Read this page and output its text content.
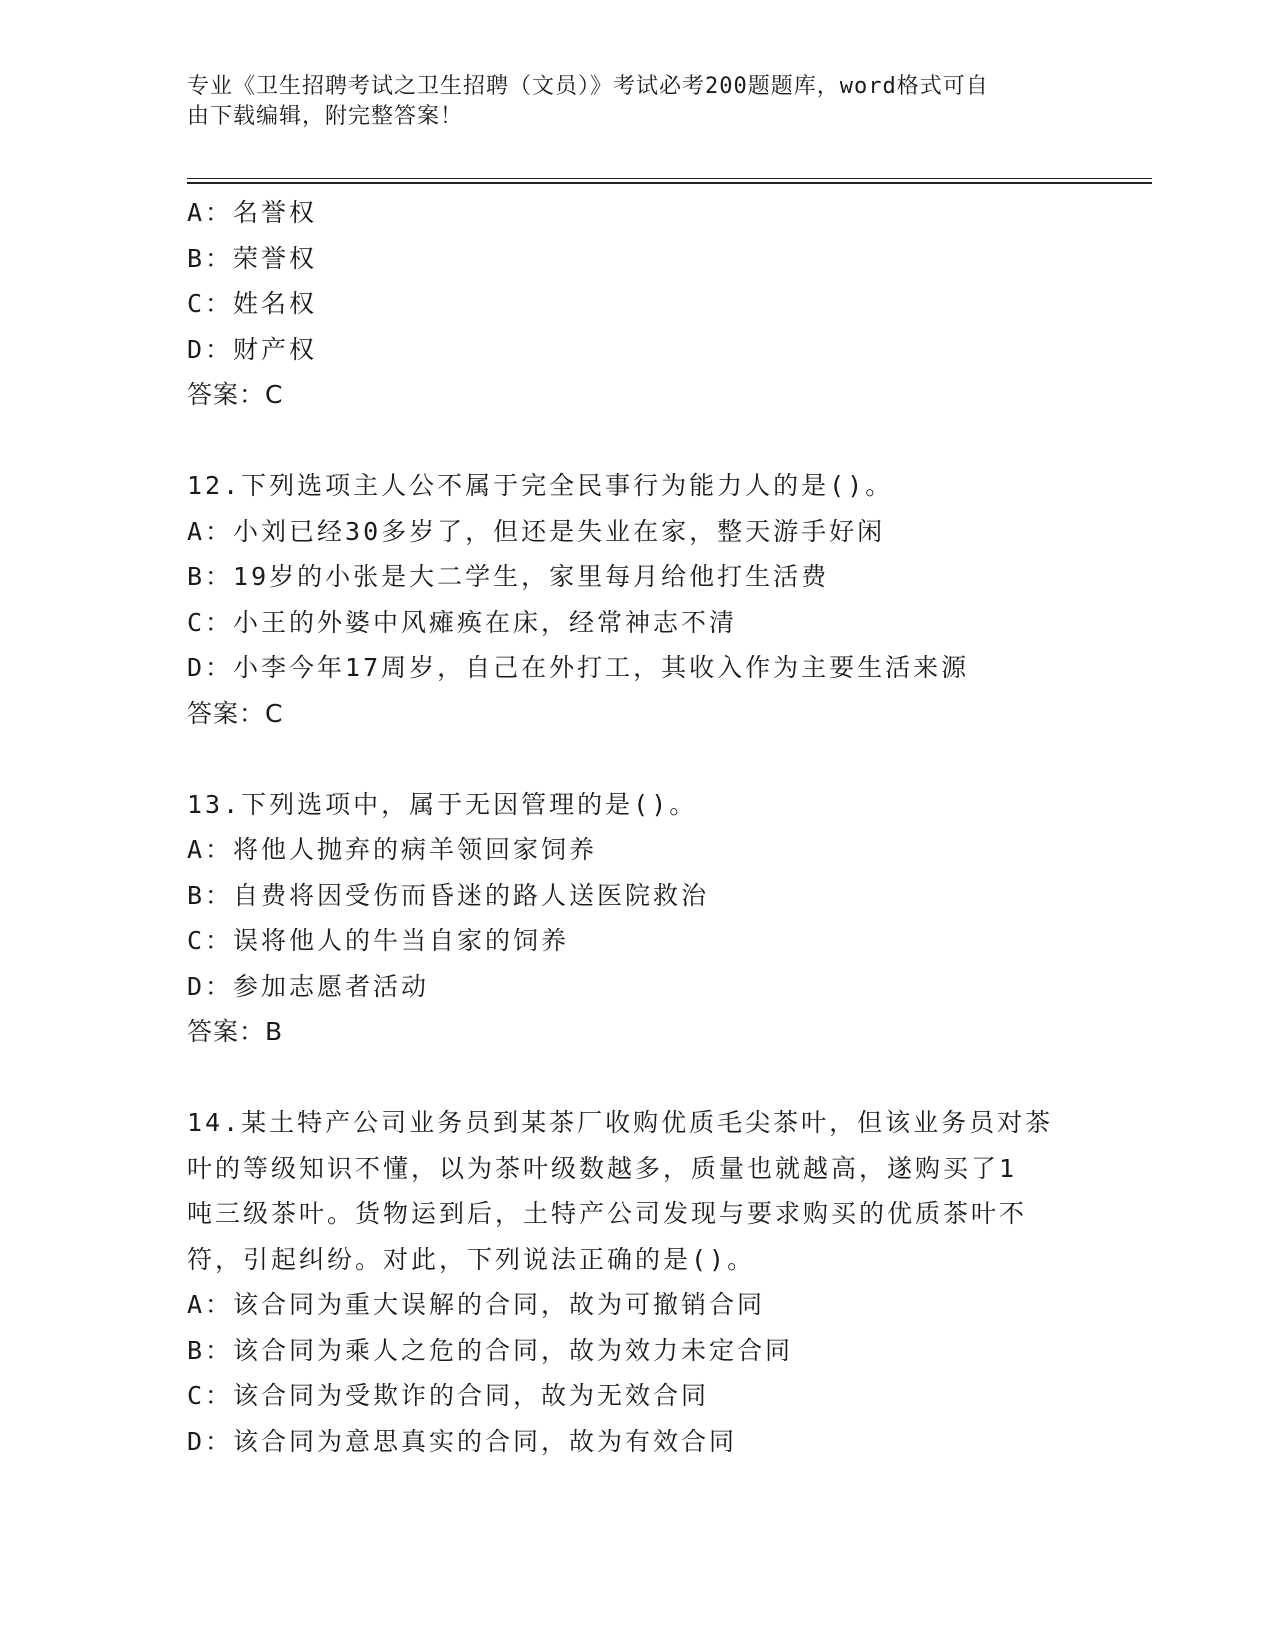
专业《卫生招聘考试之卫生招聘（文员）》考试必考200题题库，word格式可自
由下载编辑，附完整答案！
A：名誉权
B：荣誉权
C：姓名权
D：财产权
答案：C
12.下列选项主人公不属于完全民事行为能力人的是()。
A：小刘已经30多岁了，但还是失业在家，整天游手好闲
B：19岁的小张是大二学生，家里每月给他打生活费
C：小王的外婆中风瘫痪在床，经常神志不清
D：小李今年17周岁，自己在外打工，其收入作为主要生活来源
答案：C
13.下列选项中，属于无因管理的是()。
A：将他人抛弃的病羊领回家饲养
B：自费将因受伤而昏迷的路人送医院救治
C：误将他人的牛当自家的饲养
D：参加志愿者活动
答案：B
14.某土特产公司业务员到某茶厂收购优质毛尖茶叶，但该业务员对茶
叶的等级知识不懂，以为茶叶级数越多，质量也就越高，遂购买了1
吨三级茶叶。货物运到后，土特产公司发现与要求购买的优质茶叶不
符，引起纠纷。对此，下列说法正确的是()。
A：该合同为重大误解的合同，故为可撤销合同
B：该合同为乘人之危的合同，故为效力未定合同
C：该合同为受欺诈的合同，故为无效合同
D：该合同为意思真实的合同，故为有效合同
